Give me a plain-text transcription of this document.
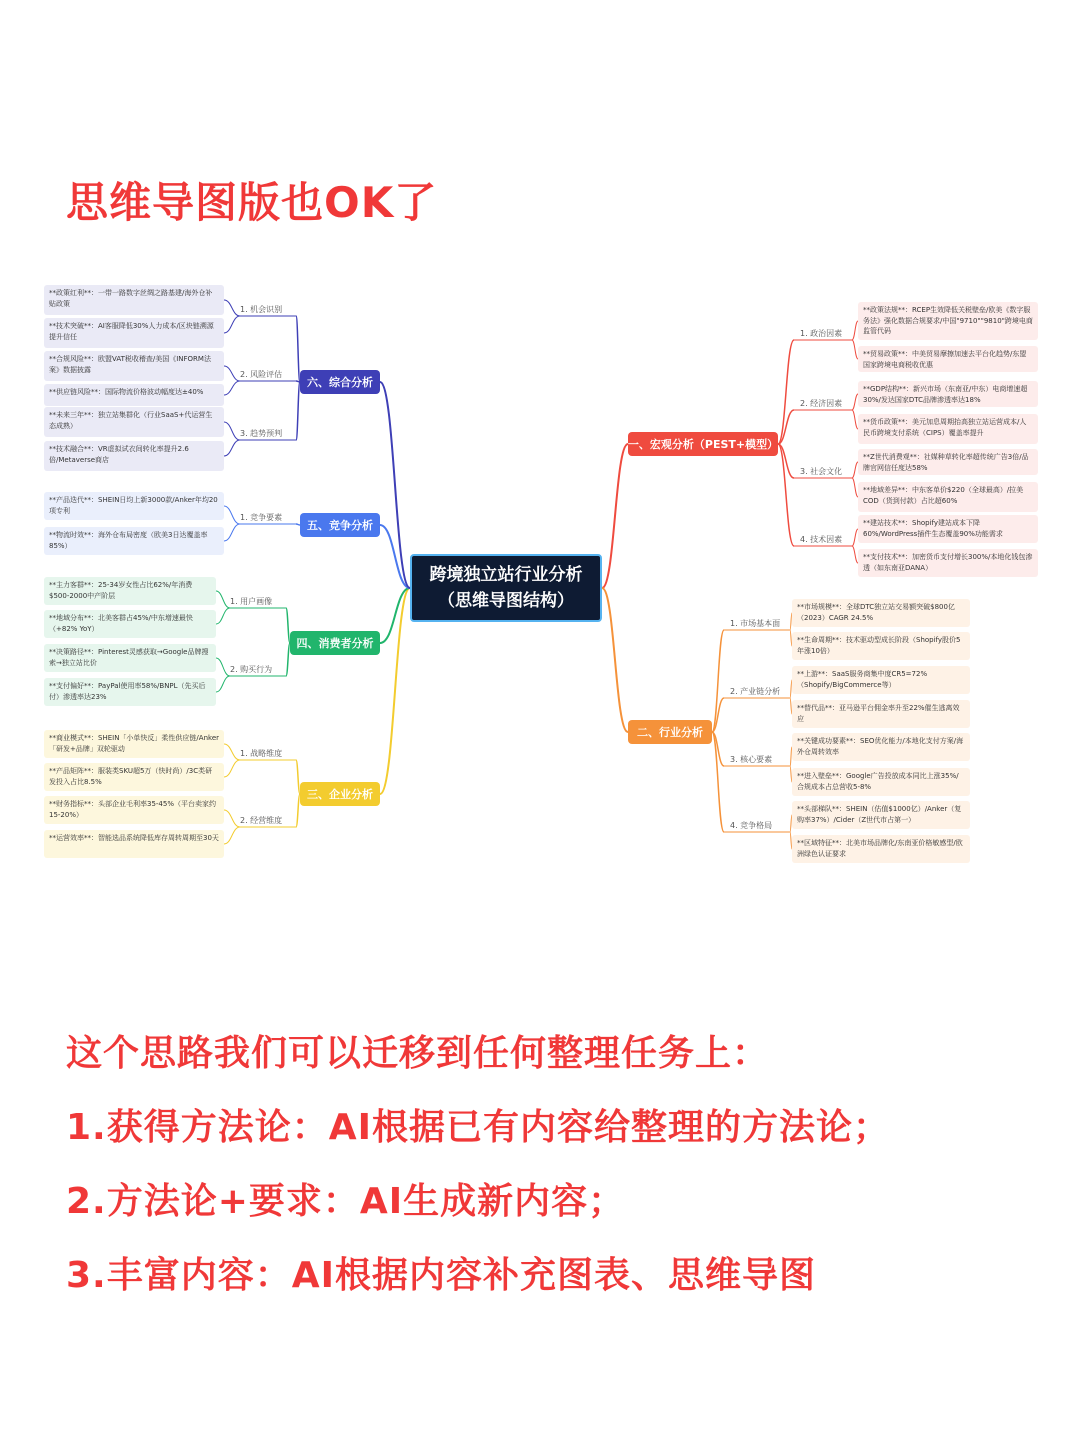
思维导图版也OK了
跨境独立站行业分析
（思维导图结构）
一、宏观分析（PEST+模型）
1. 政治因素
**政策法规**：RCEP生效降低关税壁垒/欧美《数字服务法》强化数据合规要求/中国"9710""9810"跨境电商监管代码
**贸易政策**：中美贸易摩擦加速去平台化趋势/东盟国家跨境电商税收优惠
2. 经济因素
**GDP结构**：新兴市场（东南亚/中东）电商增速超30%/发达国家DTC品牌渗透率达18%
**货币政策**：美元加息周期抬高独立站运营成本/人民币跨境支付系统（CIPS）覆盖率提升
3. 社会文化
**Z世代消费观**：社媒种草转化率超传统广告3倍/品牌官网信任度达58%
**地域差异**：中东客单价$220（全球最高）/拉美COD（货到付款）占比超60%
4. 技术因素
**建站技术**：Shopify建站成本下降60%/WordPress插件生态覆盖90%功能需求
**支付技术**：加密货币支付增长300%/本地化钱包渗透（如东南亚DANA）
二、行业分析
1. 市场基本面
**市场规模**：全球DTC独立站交易额突破$800亿（2023）CAGR 24.5%
**生命周期**：技术驱动型成长阶段（Shopify股价5年涨10倍）
2. 产业链分析
**上游**：SaaS服务商集中度CR5=72%（Shopify/BigCommerce等）
**替代品**：亚马逊平台佣金率升至22%催生逃离效应
3. 核心要素
**关键成功要素**：SEO优化能力/本地化支付方案/海外仓周转效率
**进入壁垒**：Google广告投放成本同比上涨35%/合规成本占总营收5-8%
4. 竞争格局
**头部梯队**：SHEIN（估值$1000亿）/Anker（复购率37%）/Cider（Z世代市占第一）
**区域特征**：北美市场品牌化/东南亚价格敏感型/欧洲绿色认证要求
三、企业分析
1. 战略维度
**商业模式**：SHEIN「小单快反」柔性供应链/Anker「研发+品牌」双轮驱动
**产品矩阵**：服装类SKU超5万（快时尚）/3C类研发投入占比8.5%
2. 经营维度
**财务指标**：头部企业毛利率35-45%（平台卖家约15-20%）
**运营效率**：智能选品系统降低库存周转周期至30天
四、消费者分析
1. 用户画像
**主力客群**：25-34岁女性占比62%/年消费$500-2000中产阶层
**地域分布**：北美客群占45%/中东增速最快（+82% YoY）
2. 购买行为
**决策路径**：Pinterest灵感获取→Google品牌搜索→独立站比价
**支付偏好**：PayPal使用率58%/BNPL（先买后付）渗透率达23%
五、竞争分析
1. 竞争要素
**产品迭代**：SHEIN日均上新3000款/Anker年均20项专利
**物流时效**：海外仓布局密度（欧美3日达覆盖率85%）
六、综合分析
1. 机会识别
**政策红利**：一带一路数字丝绸之路基建/海外仓补贴政策
**技术突破**：AI客服降低30%人力成本/区块链溯源提升信任
2. 风险评估
**合规风险**：欧盟VAT税收稽查/美国《INFORM法案》数据披露
**供应链风险**：国际物流价格波动幅度达±40%
3. 趋势预判
**未来三年**：独立站集群化（行业SaaS+代运营生态成熟）
**技术融合**：VR虚拟试衣间转化率提升2.6倍/Metaverse商店
这个思路我们可以迁移到任何整理任务上：
1.获得方法论：AI根据已有内容给整理的方法论；
2.方法论+要求：AI生成新内容；
3.丰富内容：AI根据内容补充图表、思维导图
